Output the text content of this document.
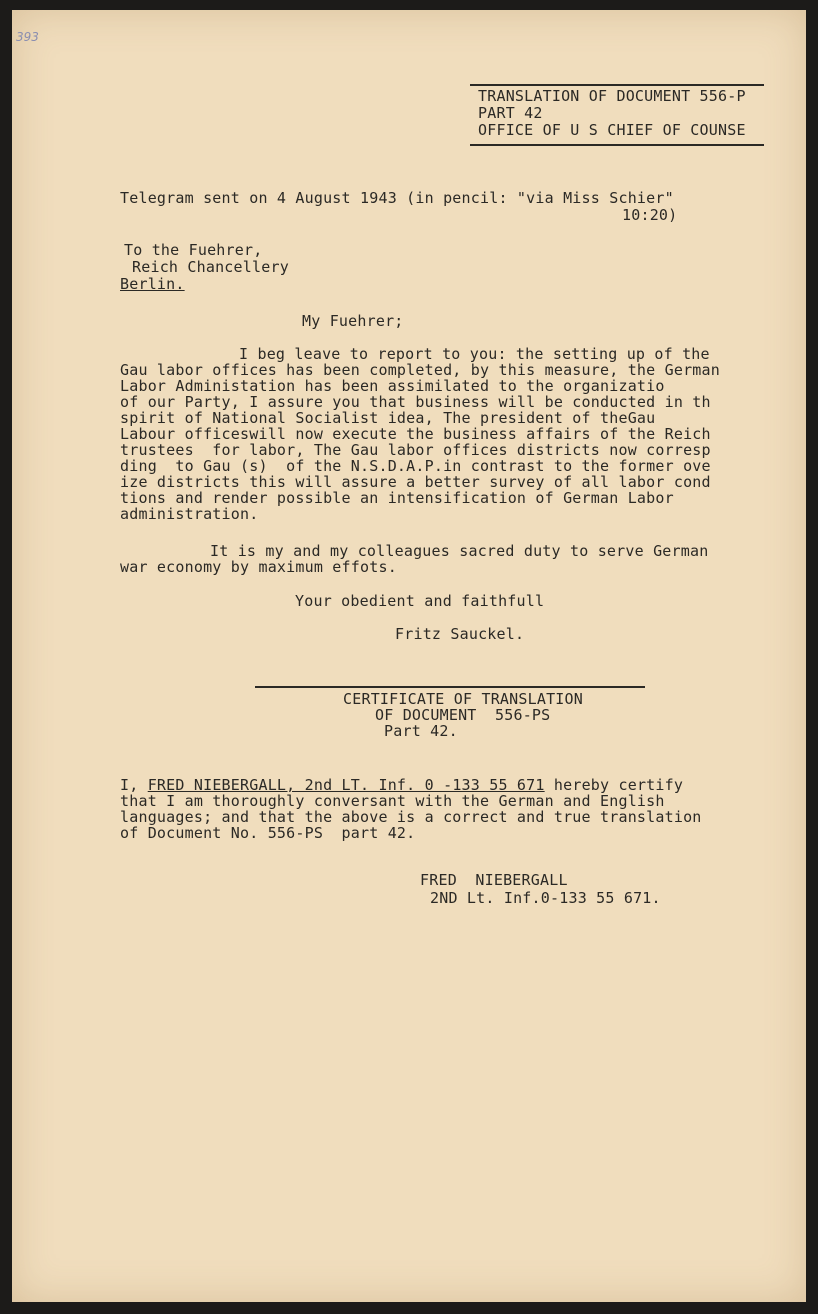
393
TRANSLATION OF DOCUMENT 556-P
PART 42
OFFICE OF U S CHIEF OF COUNSE
Telegram sent on 4 August 1943 (in pencil: "via Miss Schier"
10:20)
To the Fuehrer,
Reich Chancellery
Berlin.
My Fuehrer;
I beg leave to report to you: the setting up of the
Gau labor offices has been completed, by this measure, the German
Labor Administation has been assimilated to the organizatio
of our Party, I assure you that business will be conducted in th
spirit of National Socialist idea, The president of theGau
Labour officeswill now execute the business affairs of the Reich
trustees  for labor, The Gau labor offices districts now corresp
ding  to Gau (s)  of the N.S.D.A.P.in contrast to the former ove
ize districts this will assure a better survey of all labor cond
tions and render possible an intensification of German Labor
administration.
It is my and my colleagues sacred duty to serve German
war economy by maximum effots.
Your obedient and faithfull
Fritz Sauckel.
CERTIFICATE OF TRANSLATION
OF DOCUMENT  556-PS
Part 42.
I, FRED NIEBERGALL, 2nd LT. Inf. 0 -133 55 671 hereby certify
that I am thoroughly conversant with the German and English
languages; and that the above is a correct and true translation
of Document No. 556-PS  part 42.
FRED  NIEBERGALL
2ND Lt. Inf.0-133 55 671.
